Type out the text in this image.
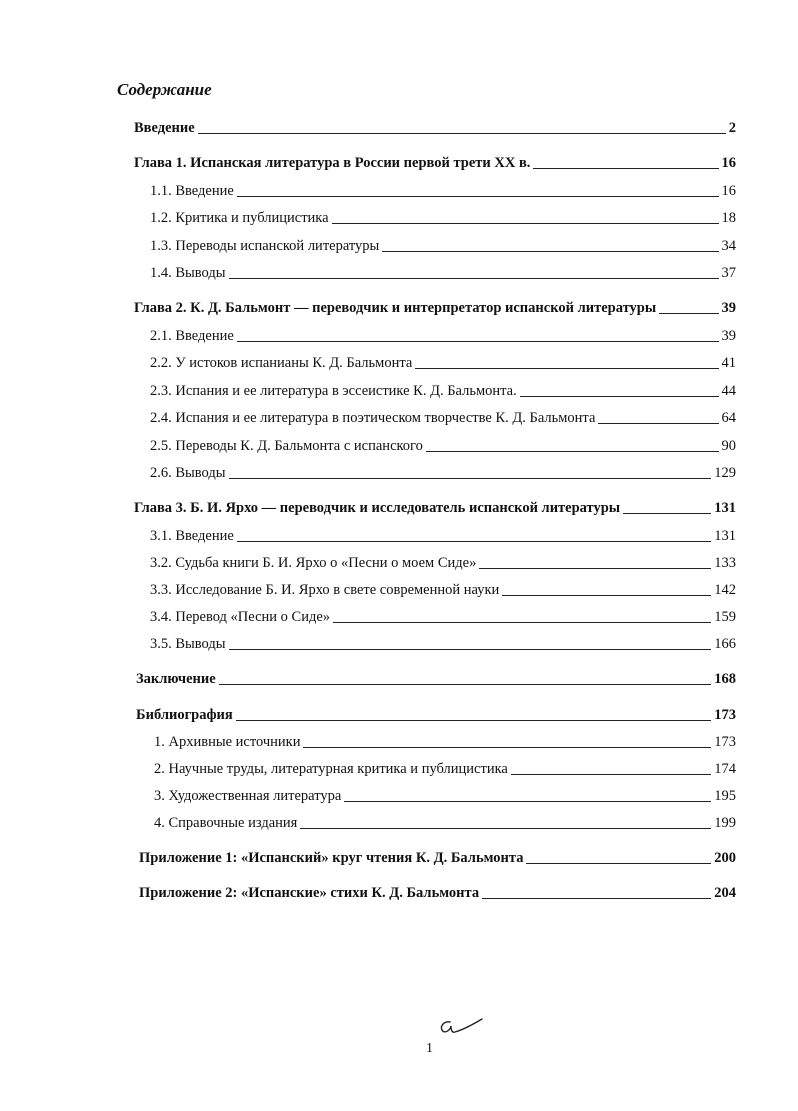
Содержание
Введение	2
Глава 1. Испанская литература в России первой трети XX в.	16
1.1. Введение	16
1.2. Критика и публицистика	18
1.3. Переводы испанской литературы	34
1.4. Выводы	37
Глава 2. К. Д. Бальмонт — переводчик и интерпретатор испанской литературы	39
2.1. Введение	39
2.2. У истоков испанианы К. Д. Бальмонта	41
2.3. Испания и ее литература в эссеистике К. Д. Бальмонта.	44
2.4. Испания и ее литература в поэтическом творчестве К. Д. Бальмонта	64
2.5. Переводы К. Д. Бальмонта с испанского	90
2.6. Выводы	129
Глава 3. Б. И. Ярхо — переводчик и исследователь испанской литературы	131
3.1. Введение	131
3.2. Судьба книги Б. И. Ярхо о «Песни о моем Сиде»	133
3.3. Исследование Б. И. Ярхо в свете современной науки	142
3.4. Перевод «Песни о Сиде»	159
3.5. Выводы	166
Заключение	168
Библиография	173
1. Архивные источники	173
2. Научные труды, литературная критика и публицистика	174
3. Художественная литература	195
4. Справочные издания	199
Приложение 1: «Испанский» круг чтения К. Д. Бальмонта	200
Приложение 2: «Испанские» стихи К. Д. Бальмонта	204
1
